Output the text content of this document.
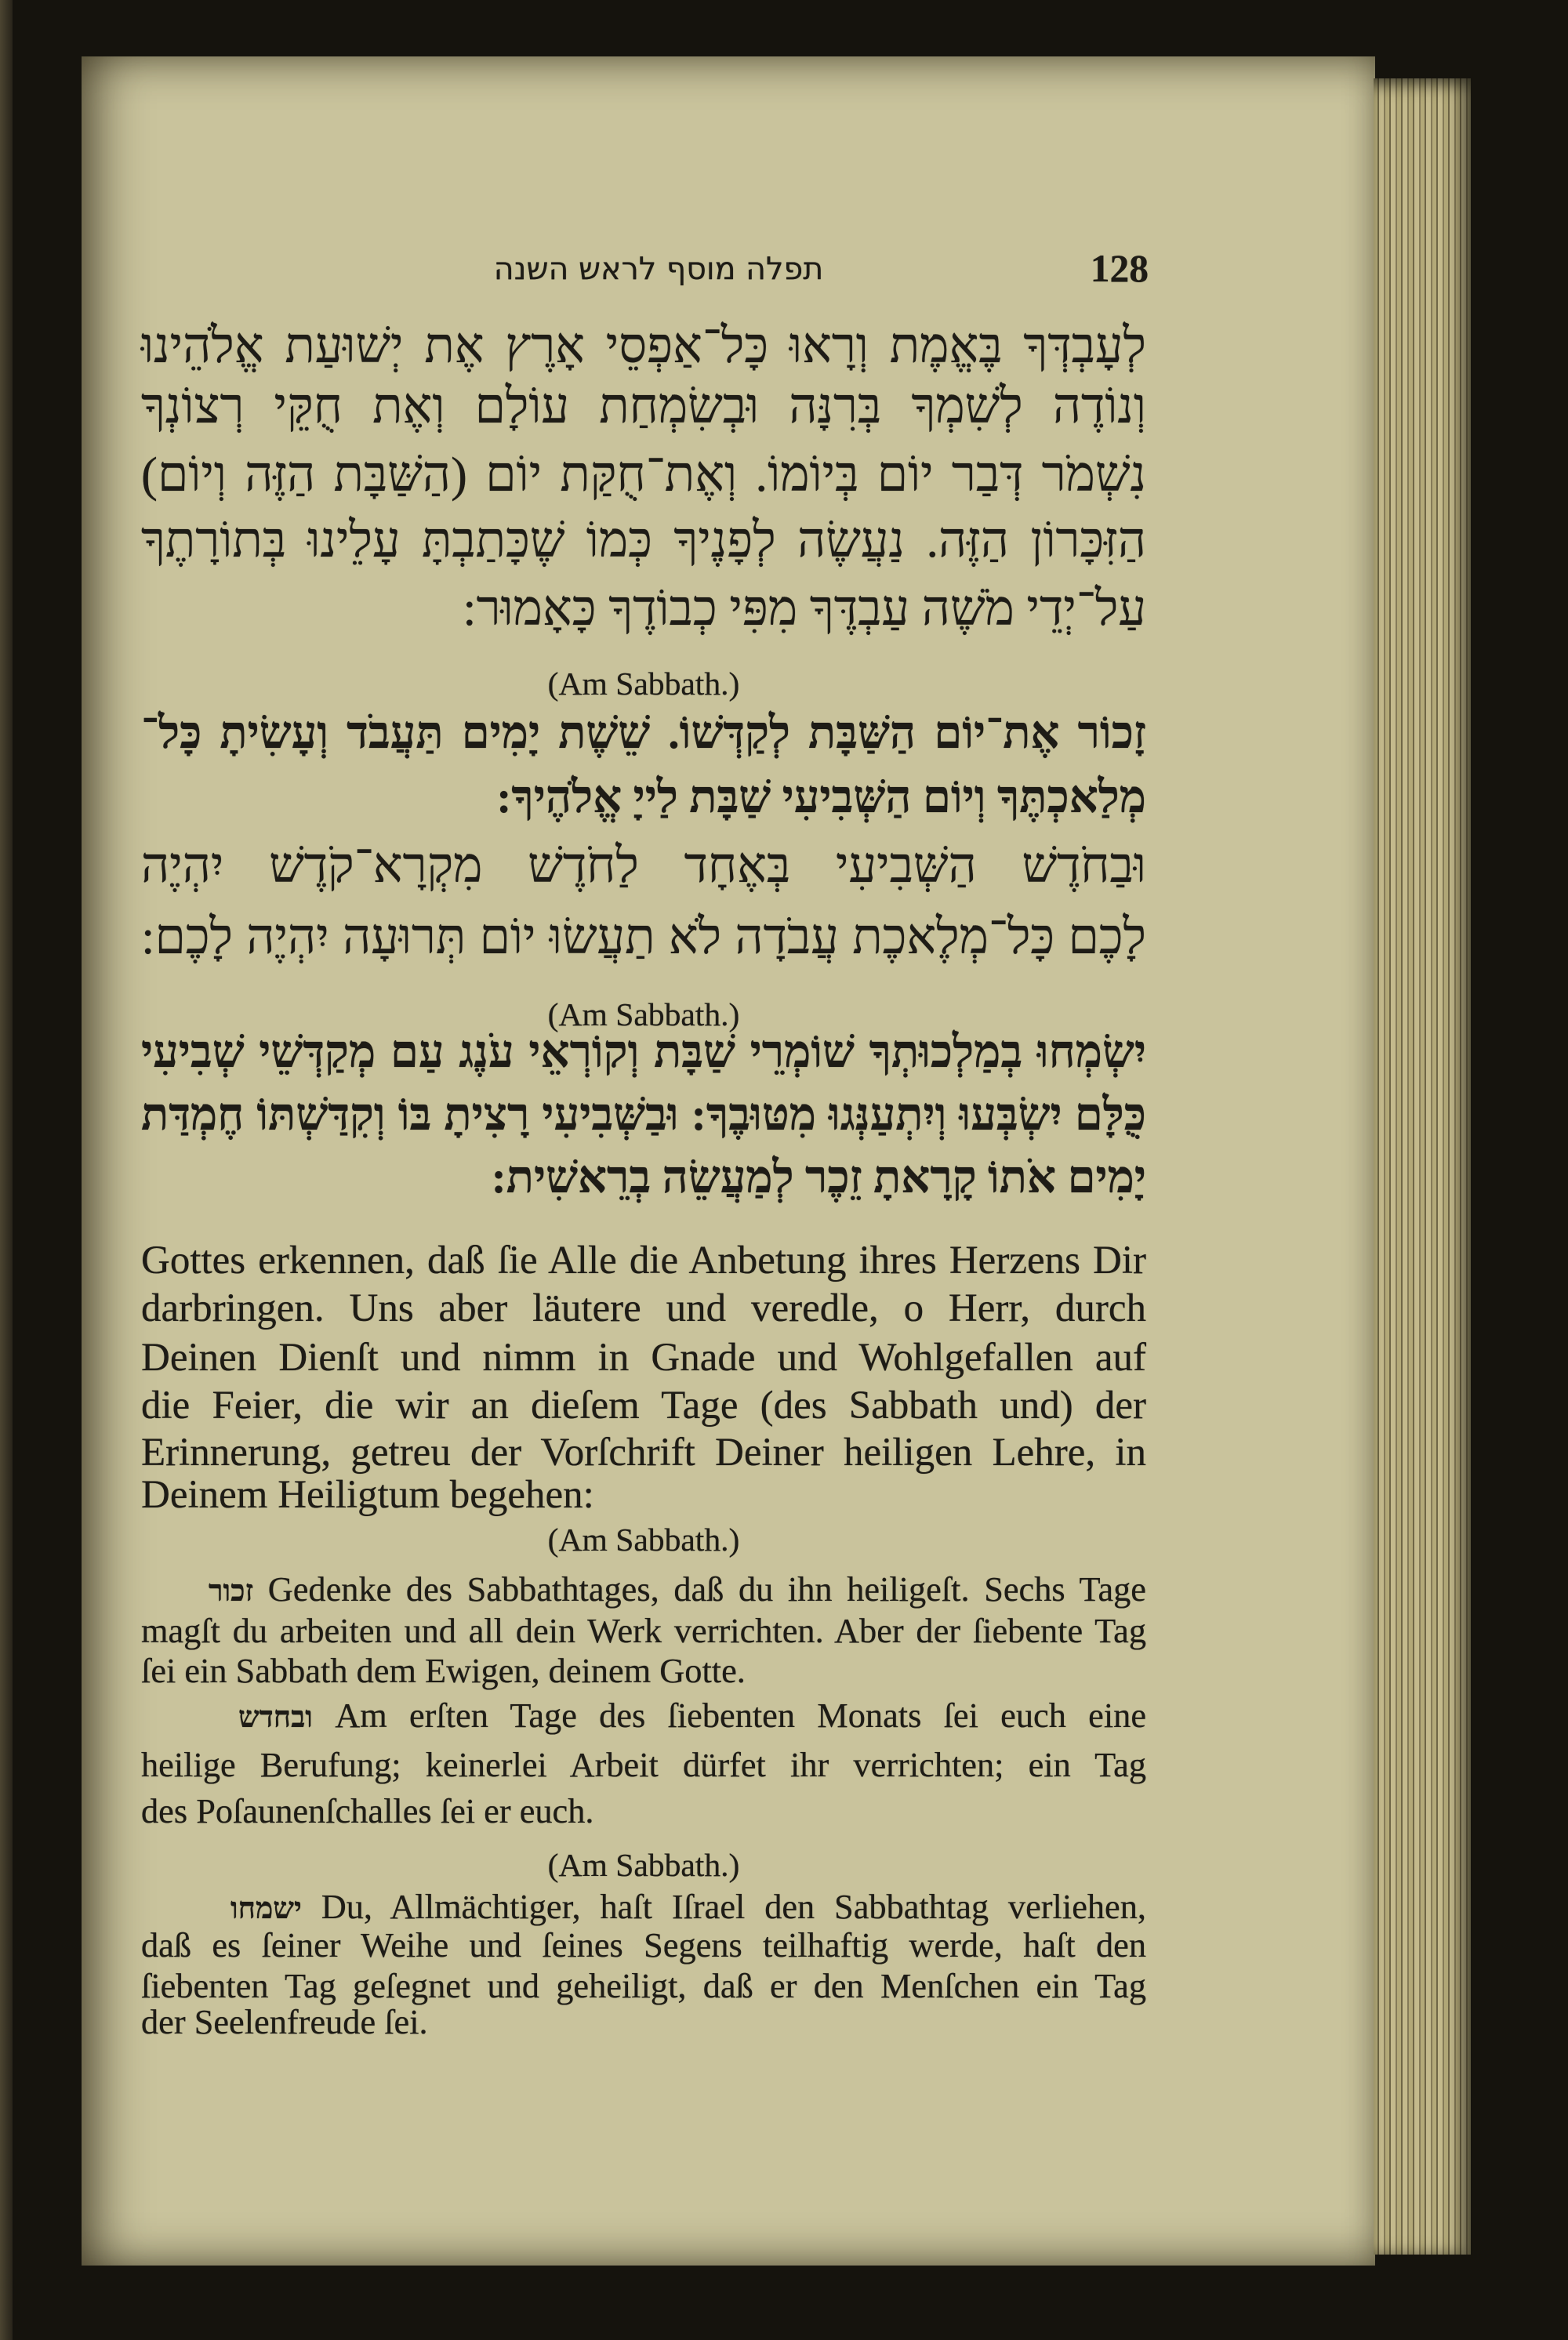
תפלה מוסף לראש השנה	128
לְעָבְדְּךָ בֶּאֱמֶת וְרָאוּ כָּל־אַפְסֵי אָרֶץ אֶת יְשׁוּעַת אֱלֹהֵינוּ
וְנוֹדֶה לְשִׁמְךָ בְּרִנָּה וּבְשִׂמְחַת עוֹלָם וְאֶת חֻקֵּי רְצוֹנְךָ
נִשְׁמֹר דְּבַר יוֹם בְּיוֹמוֹ. וְאֶת־חֻקַּת יוֹם (הַשַּׁבָּת הַזֶּה וְיוֹם)
הַזִּכָּרוֹן הַזֶּה. נַעֲשֶׂה לְפָנֶיךָ כְּמוֹ שֶׁכָּתַבְתָּ עָלֵינוּ בְּתוֹרָתֶךָ
עַל־יְדֵי מֹשֶׁה עַבְדֶּךָ מִפִּי כְבוֹדֶךָ כָּאָמוּר:
(Am Sabbath.)
זָכוֹר אֶת־יוֹם הַשַּׁבָּת לְקַדְּשׁוֹ. שֵׁשֶׁת יָמִים תַּעֲבֹד וְעָשִׂיתָ כָּל־
מְלַאכְתֶּךָ וְיוֹם הַשְּׁבִיעִי שַׁבָּת לַייָ אֱלֹהֶיךָ:
וּבַחֹדֶשׁ הַשְּׁבִיעִי בְּאֶחָד לַחֹדֶשׁ מִקְרָא־קֹדֶשׁ יִהְיֶה
לָכֶם כָּל־מְלֶאכֶת עֲבֹדָה לֹא תַעֲשׂוּ יוֹם תְּרוּעָה יִהְיֶה לָכֶם:
(Am Sabbath.)
יִשְׂמְחוּ בְמַלְכוּתְךָ שׁוֹמְרֵי שַׁבָּת וְקוֹרְאֵי עֹנֶג עַם מְקַדְּשֵׁי שְׁבִיעִי
כֻּלָּם יִשְׂבְּעוּ וְיִתְעַנְּגוּ מִטּוּבֶךָ: וּבַשְּׁבִיעִי רָצִיתָ בּוֹ וְקִדַּשְׁתּוֹ חֶמְדַּת
יָמִים אֹתוֹ קָרָאתָ זֵכֶר לְמַעֲשֵׂה בְרֵאשִׁית:
Gottes erkennen, daß ſie Alle die Anbetung ihres Herzens Dir
darbringen. Uns aber läutere und veredle, o Herr, durch
Deinen Dienſt und nimm in Gnade und Wohlgefallen auf
die Feier, die wir an dieſem Tage (des Sabbath und) der
Erinnerung, getreu der Vorſchrift Deiner heiligen Lehre, in
Deinem Heiligtum begehen:
(Am Sabbath.)
זכור Gedenke des Sabbathtages, daß du ihn heiligeſt. Sechs Tage
magſt du arbeiten und all dein Werk verrichten. Aber der ſiebente Tag
ſei ein Sabbath dem Ewigen, deinem Gotte.
ובחדש Am erſten Tage des ſiebenten Monats ſei euch eine
heilige Berufung; keinerlei Arbeit dürfet ihr verrichten; ein Tag
des Poſaunenſchalles ſei er euch.
(Am Sabbath.)
ישמחו Du, Allmächtiger, haſt Iſrael den Sabbathtag verliehen,
daß es ſeiner Weihe und ſeines Segens teilhaftig werde, haſt den
ſiebenten Tag geſegnet und geheiligt, daß er den Menſchen ein Tag
der Seelenfreude ſei.
